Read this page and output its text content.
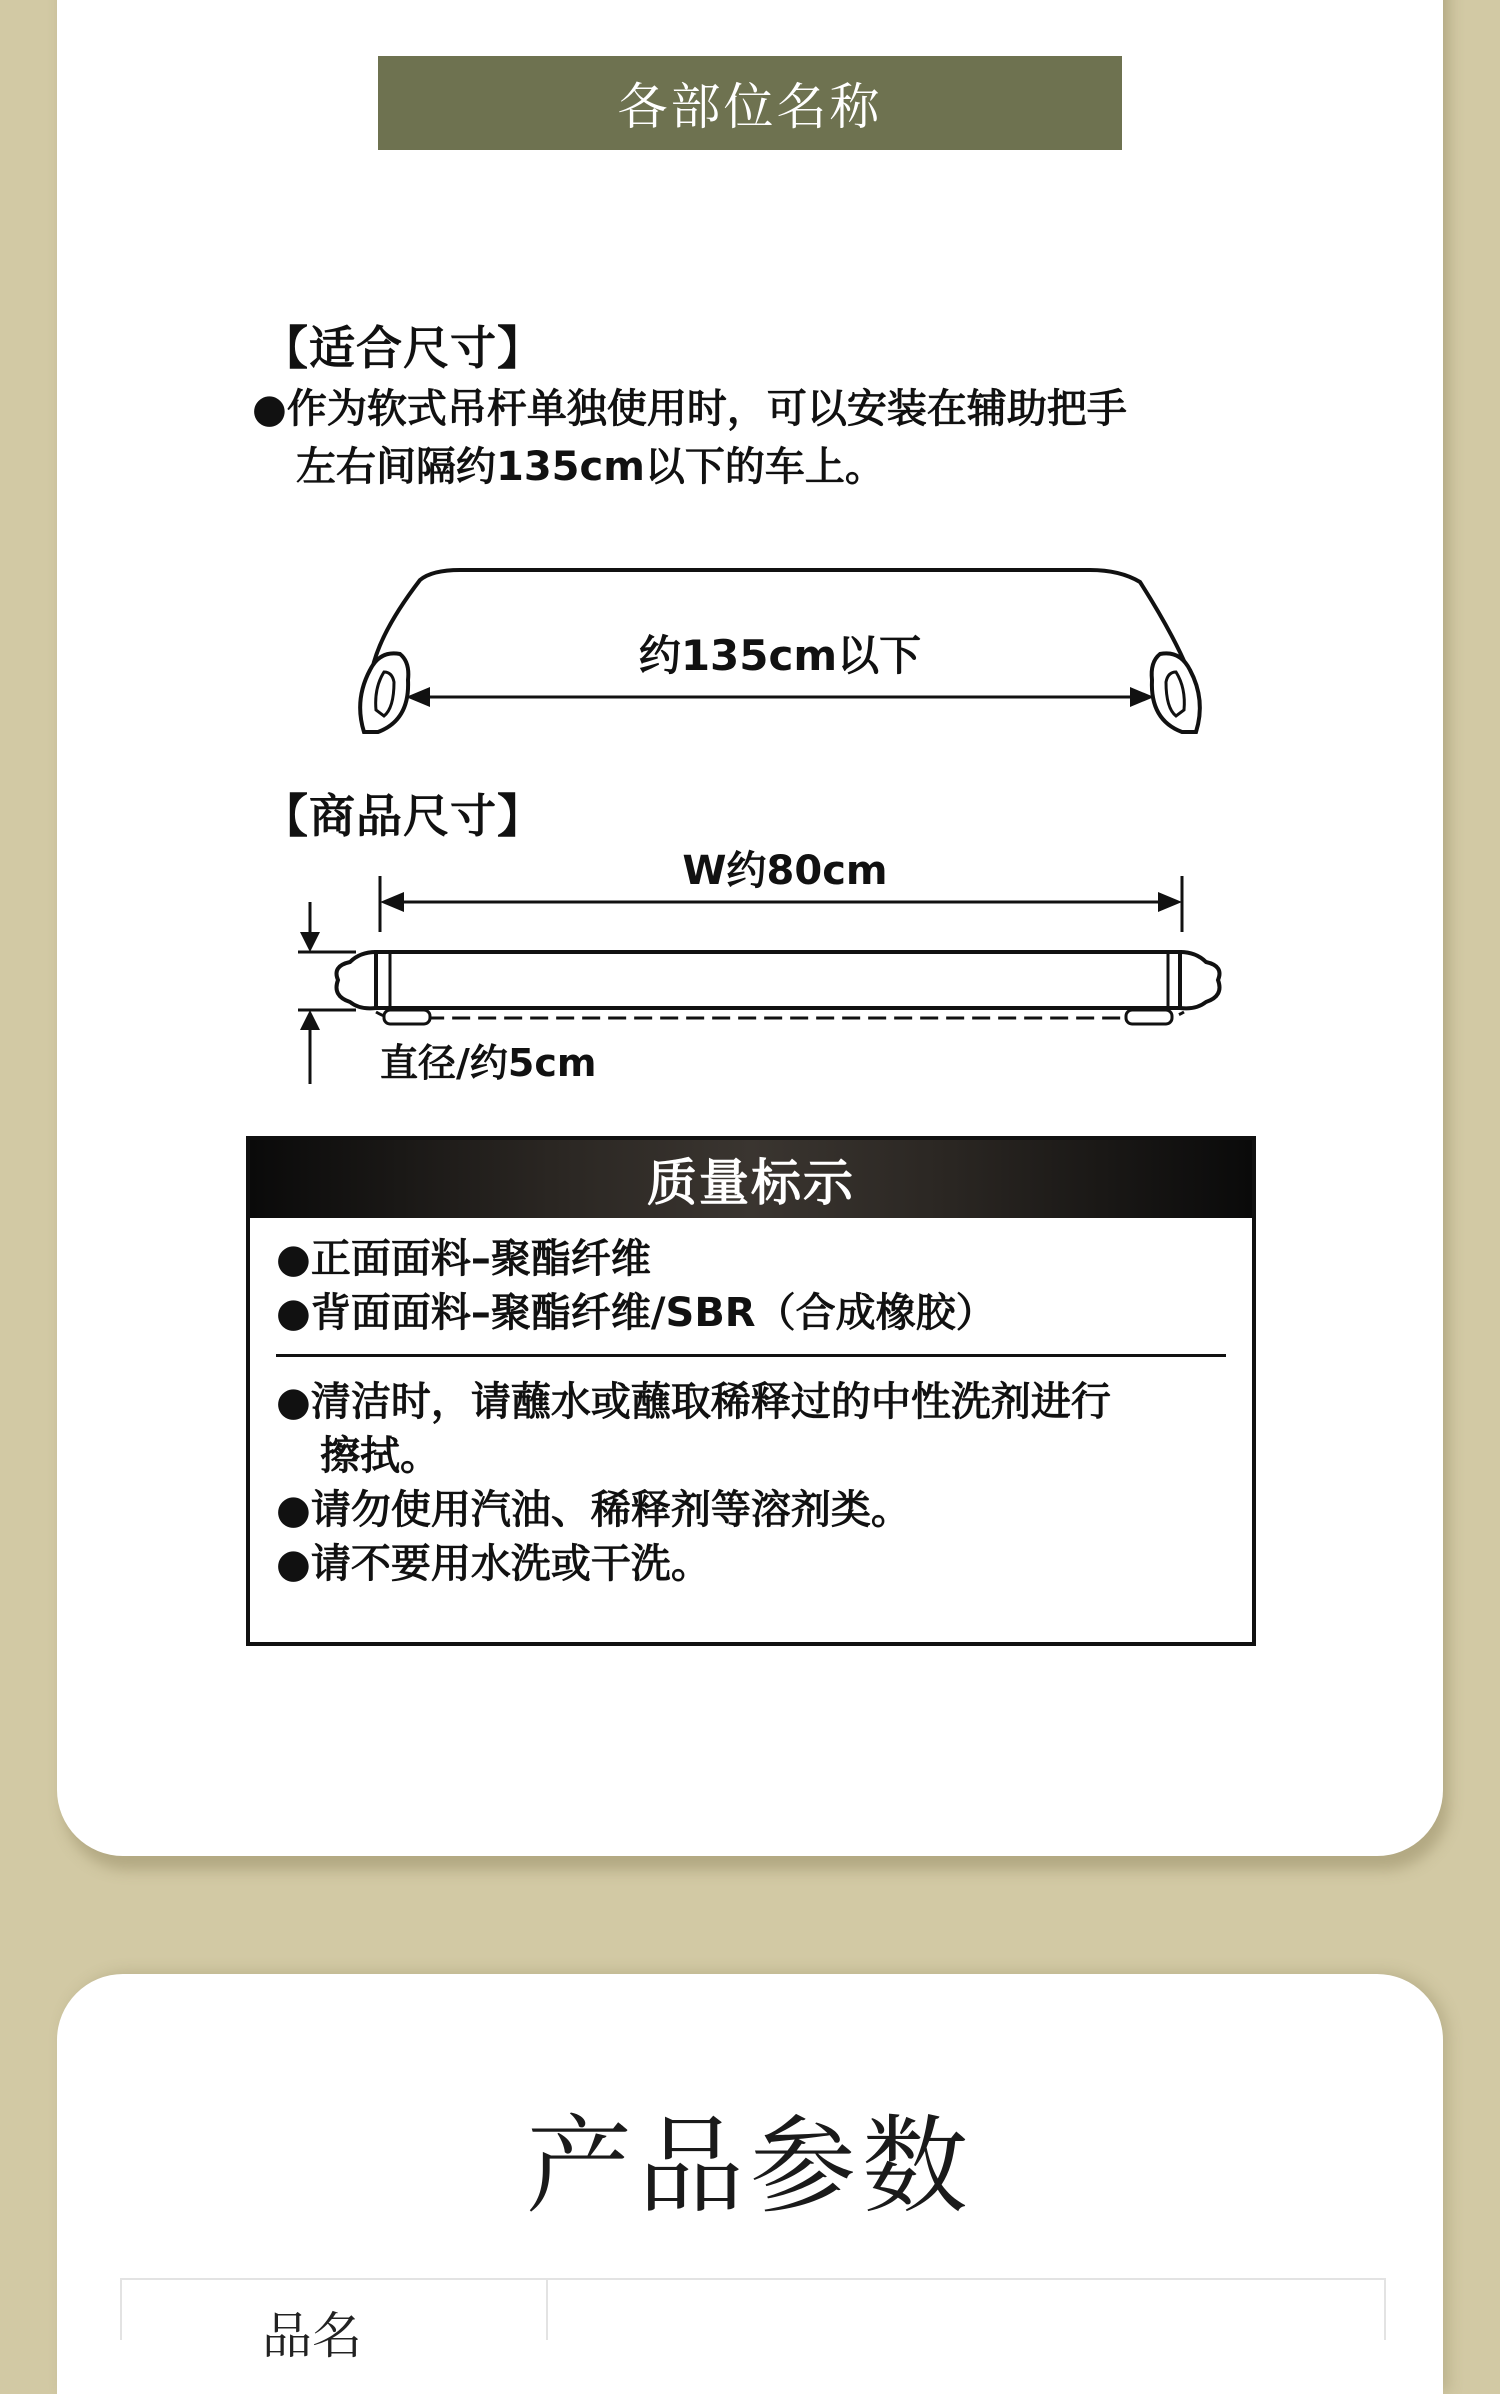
各部位名称
【适合尺寸】
●作为软式吊杆单独使用时，可以安装在辅助把手
左右间隔约135cm以下的车上。
约135cm以下
【商品尺寸】
W约80cm
直径/约5cm
质量标示
●正面面料–聚酯纤维
●背面面料–聚酯纤维/SBR（合成橡胶）
●清洁时，请蘸水或蘸取稀释过的中性洗剂进行
擦拭。
●请勿使用汽油、稀释剂等溶剂类。
●请不要用水洗或干洗。
产品参数
品名
